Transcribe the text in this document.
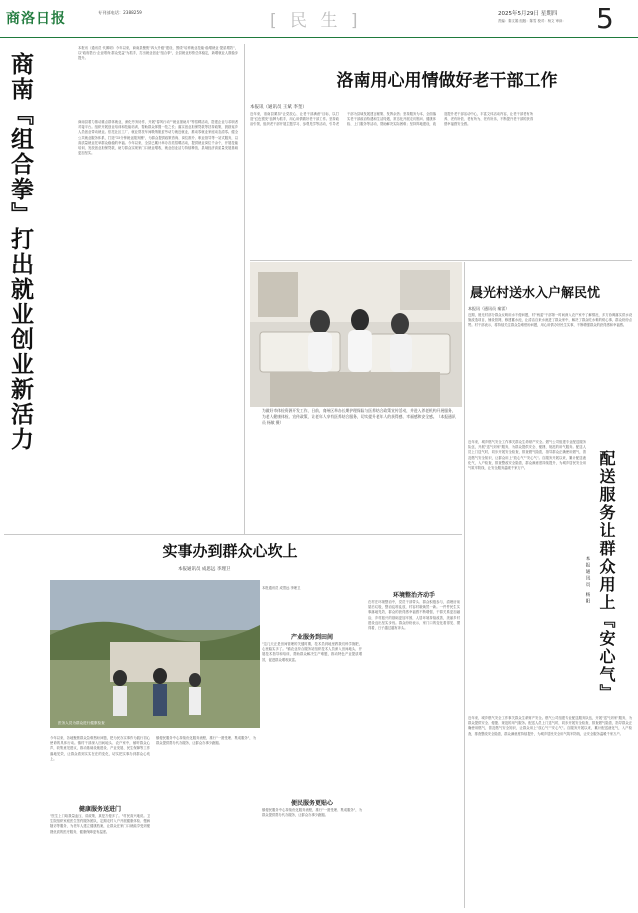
商洛日报	专刊部电话：2388259	[ 民 生 ]	2025年5月29日 星期四
责编：秦文娟 组版：陈雪 校对：杨文 审读： 5
商南『组合拳』打出就业创业新活力
本报讯（通讯员 代佩明）今年以来，商南县聚焦"四大升级"建设，围绕"培养就业技能·稳增就业·提质增效"，以"政府搭台·企业唱戏·群众受益"为抓手，打出就业创业"组合拳"，全县就业形势总体稳定，新增就业人数稳步提升。
商南县着力推动重点群体就业，深化劳务协作，开展"春风行动""就业援助月"等招聘活动，搭建企业与求职者对接平台。组织开展创业培训和技能培训，帮助群众掌握一技之长；落实创业担保贷款等扶持政策，鼓励返乡人员创业带动就业。依托社区工厂、就业帮扶车间吸纳脱贫劳动力就近就业，推动零就业家庭动态清零。健全公共就业服务体系，打造"15分钟就业服务圈"，为群众提供政策咨询、岗位推介、职业指导等一站式服务，以高质量就业托举群众稳稳的幸福。今年以来，全县已累计举办各类招聘活动，提供就业岗位千余个，开展技能培训，发放创业担保贷款，助力群众实现家门口就业增收，就业创业活力持续释放，县域经济高质量发展基础更加坚实。
洛南用心用情做好老干部工作
本报讯（通讯员 王斌 李奎）
近年来，洛南县紧扣"让党放心、让老干部满意"目标，以打造"红色银发"品牌为抓手，用心用情做好老干部工作。坚持政治引领，组织老干部开展主题学习、参观见学等活动，引导老干部为县域发展建言献策、发挥余热；坚持服务为本，全面落实老干部政治待遇和生活待遇，常态化开展走访慰问、健康体检、上门服务等活动，帮助解决实际困难；坚持阵地建设，改造提升老干部活动中心，丰富文体活动内容，让老干部老有所养、老有所依、老有所为、老有所乐，不断提升老干部的获得感幸福感安全感。
晨光村送水入户解民忧
本报讯（通讯员 秦雷）
近期，晨光村部分群众反映用水不便问题，村"两委"干部第一时间深入农户家中了解情况，多方协调落实供水设施改造项目，铺设管网，修建蓄水池，让清洁自来水流进了群众家中，解决了群众吃水难的烦心事，群众纷纷点赞。村干部表示，将持续关注群众急难愁盼问题，用心用情办好民生实事，不断增强群众的获得感和幸福感。
为做好市体检资源开发工作，日前，商州区举办长期护理保险与医养结合政策宣传活动，并进入养老机构开展服务，为老人健康体检、宣传政策，让老年人享有医养结合服务，切实提升老年人的获得感、幸福感和安全感。（本报通讯员 杨敏 摄）
实事办到群众心坎上
本报通讯员 成思远 李理卫
医务人员为群众进行健康检查
今年以来，各地聚焦群众急难愁盼问题，把为民办实事作为践行初心使命的具体行动。镇村干部深入田间地头、农户家中，倾听群众心声，收集意见建议，推动基础设施建设、产业发展、民生保障等工作落地见效，让群众看到实实在在的变化，切实把实事办到群众心坎上。
健康服务送进门
"医生上门给我量血压、讲政策，真是方便多了。"村民高兴地说。卫生院组织家庭医生签约服务团队，定期走村入户开展健康体检、慢病随访等服务，为老年人建立健康档案，让群众在家门口就能享受到便捷优质的医疗服务，健康保障更有温度。
镇便民服务中心持续优化服务流程，推行"一窗受理、集成服务"，为群众提供帮办代办服务，让群众办事少跑腿。
本报通讯员 成思远 李理卫
产业服务到田间
"这几天正是田间管理的关键时期，技术员到地里教我们科学施肥，心里踏实多了。"镇农业综合服务站组织技术人员深入田间地头，开展技术指导和培训，帮助群众解决生产难题，推动特色产业提质增效，促进群众增收致富。
便民服务更贴心
镇便民服务中心持续优化服务流程，推行"一窗受理、集成服务"，为群众提供帮办代办服务，让群众办事少跑腿。
环境整治齐动手
在村庄环境整治中，党员干部带头、群众积极参与，清理房前屋后垃圾，整治乱堆乱放，村容村貌焕然一新。一件件民生实事落地见效，群众的获得感幸福感不断增强，干群关系更加融洽，乡村振兴的基础更加牢固，人居环境持续改善，美丽乡村建设迈出坚实步伐。群众纷纷表示，家门口的变化看得见、摸得着，日子越过越有奔头。	配送服务让群众用上『安心气』
本报通讯员 杨阳
近年来，城乡燃气安全工作事关群众生命财产安全。燃气公司组建专业配送服务队伍，开展"送气到家"服务，为群众提供安全、便捷、规范的用气服务。配送人员上门送气时，同步开展安全检查，排查燃气隐患，指导群众正确使用燃气，普及燃气安全知识，让群众用上"放心气""安心气"。自服务开展以来，累计配送液化气，入户检查，排查整改安全隐患，群众满意度持续提升，为城乡居民安全用气筑牢防线，让安全服务温暖千家万户。
近年来，城乡燃气安全工作事关群众生命财产安全。燃气公司组建专业配送服务队伍，开展"送气到家"服务，为群众提供安全、便捷、规范的用气服务。配送人员上门送气时，同步开展安全检查，排查燃气隐患，指导群众正确使用燃气，普及燃气安全知识，让群众用上"放心气""安心气"。自服务开展以来，累计配送液化气，入户检查，排查整改安全隐患，群众满意度持续提升，为城乡居民安全用气筑牢防线，让安全服务温暖千家万户。
